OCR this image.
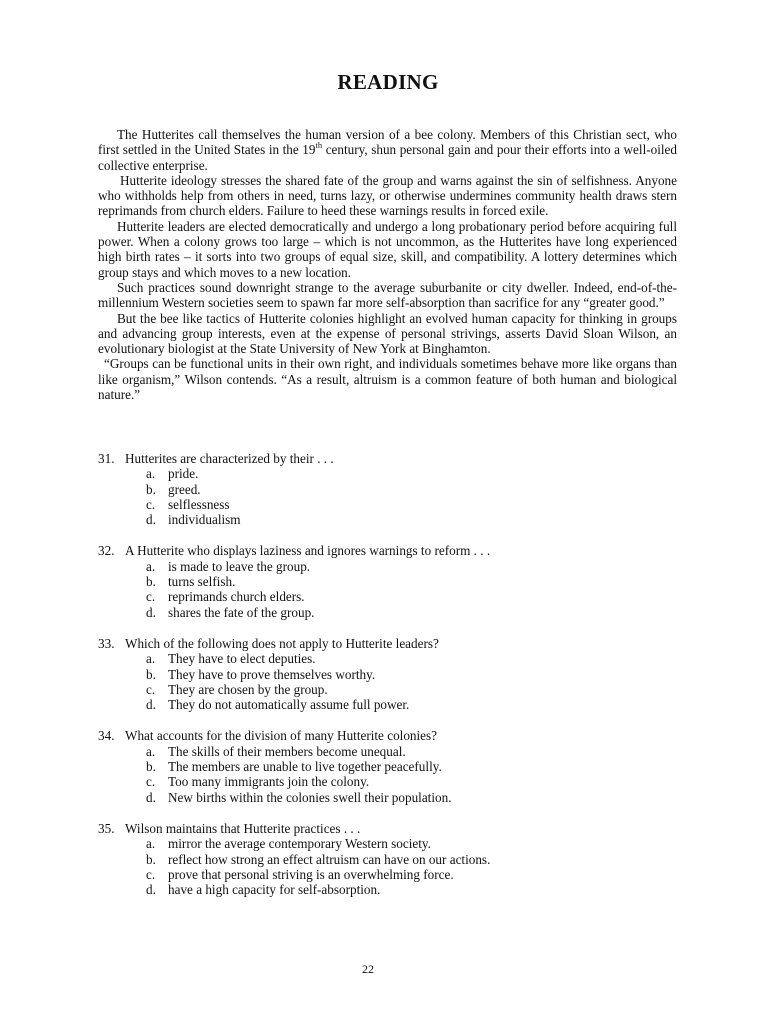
READING

The Hutterites call themselves the human version of a bee colony. Members of this Christian sect, who first settled in the United States in the 19th century, shun personal gain and pour their efforts into a well-oiled collective enterprise.

Hutterite ideology stresses the shared fate of the group and warns against the sin of selfishness. Anyone who withholds help from others in need, turns lazy, or otherwise undermines community health draws stern reprimands from church elders. Failure to heed these warnings results in forced exile.

Hutterite leaders are elected democratically and undergo a long probationary period before acquiring full power. When a colony grows too large – which is not uncommon, as the Hutterites have long experienced high birth rates – it sorts into two groups of equal size, skill, and compatibility. A lottery determines which group stays and which moves to a new location.

Such practices sound downright strange to the average suburbanite or city dweller. Indeed, end-of-the-millennium Western societies seem to spawn far more self-absorption than sacrifice for any “greater good.”

But the bee like tactics of Hutterite colonies highlight an evolved human capacity for thinking in groups and advancing group interests, even at the expense of personal strivings, asserts David Sloan Wilson, an evolutionary biologist at the State University of New York at Binghamton.

“Groups can be functional units in their own right, and individuals sometimes behave more like organs than like organism,” Wilson contends. “As a result, altruism is a common feature of both human and biological nature.”

31. Hutterites are characterized by their . . .

a. pride.

b. greed.

c. selflessness

d. individualism

32. A Hutterite who displays laziness and ignores warnings to reform . . .

a. is made to leave the group.

b. turns selfish.

c. reprimands church elders.

d. shares the fate of the group.

33. Which of the following does not apply to Hutterite leaders?

a. They have to elect deputies.

b. They have to prove themselves worthy.

c. They are chosen by the group.

d. They do not automatically assume full power.

34. What accounts for the division of many Hutterite colonies?

a. The skills of their members become unequal.

b. The members are unable to live together peacefully.

c. Too many immigrants join the colony.

d. New births within the colonies swell their population.

35. Wilson maintains that Hutterite practices . . .

a. mirror the average contemporary Western society.

b. reflect how strong an effect altruism can have on our actions.

c. prove that personal striving is an overwhelming force.

d. have a high capacity for self-absorption.

22
